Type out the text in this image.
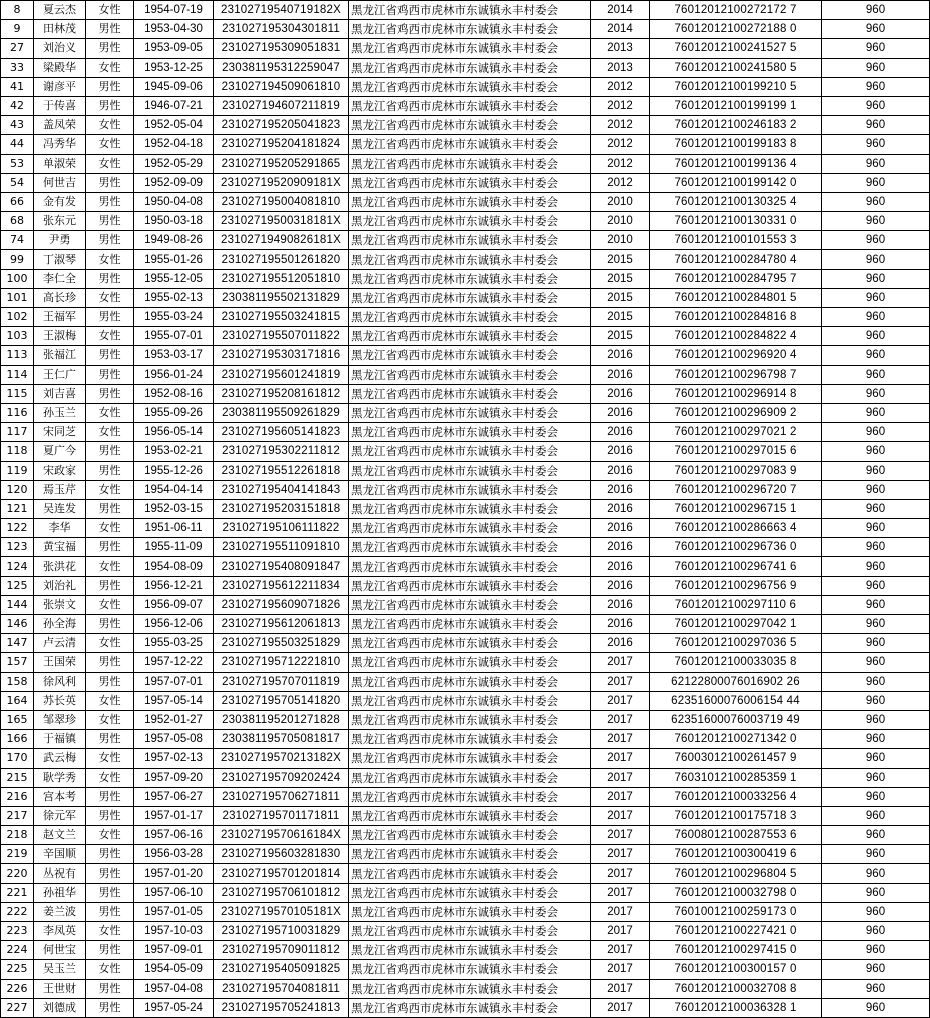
8	夏云杰	女性	1954-07-19	23102719540719182X	黑龙江省鸡西市虎林市东诚镇永丰村委会	2014	76012012100272172 7	960
9	田林茂	男性	1953-04-30	231027195304301811	黑龙江省鸡西市虎林市东诚镇永丰村委会	2014	76012012100272188 0	960
27	刘治义	男性	1953-09-05	231027195309051831	黑龙江省鸡西市虎林市东诚镇永丰村委会	2013	76012012100241527 5	960
33	梁殿华	女性	1953-12-25	230381195312259047	黑龙江省鸡西市虎林市东诚镇永丰村委会	2013	76012012100241580 5	960
41	谢彦平	男性	1945-09-06	231027194509061810	黑龙江省鸡西市虎林市东诚镇永丰村委会	2012	76012012100199210 5	960
42	于传喜	男性	1946-07-21	231027194607211819	黑龙江省鸡西市虎林市东诚镇永丰村委会	2012	76012012100199199 1	960
43	盖凤荣	女性	1952-05-04	231027195205041823	黑龙江省鸡西市虎林市东诚镇永丰村委会	2012	76012012100246183 2	960
44	冯秀华	女性	1952-04-18	231027195204181824	黑龙江省鸡西市虎林市东诚镇永丰村委会	2012	76012012100199183 8	960
53	单淑荣	女性	1952-05-29	231027195205291865	黑龙江省鸡西市虎林市东诚镇永丰村委会	2012	76012012100199136 4	960
54	何世吉	男性	1952-09-09	23102719520909181X	黑龙江省鸡西市虎林市东诚镇永丰村委会	2012	76012012100199142 0	960
66	金有发	男性	1950-04-08	231027195004081810	黑龙江省鸡西市虎林市东诚镇永丰村委会	2010	76012012100130325 4	960
68	张东元	男性	1950-03-18	23102719500318181X	黑龙江省鸡西市虎林市东诚镇永丰村委会	2010	76012012100130331 0	960
74	尹勇	男性	1949-08-26	23102719490826181X	黑龙江省鸡西市虎林市东诚镇永丰村委会	2010	76012012100101553 3	960
99	丁淑琴	女性	1955-01-26	231027195501261820	黑龙江省鸡西市虎林市东诚镇永丰村委会	2015	76012012100284780 4	960
100	李仁全	男性	1955-12-05	231027195512051810	黑龙江省鸡西市虎林市东诚镇永丰村委会	2015	76012012100284795 7	960
101	高长珍	女性	1955-02-13	230381195502131829	黑龙江省鸡西市虎林市东诚镇永丰村委会	2015	76012012100284801 5	960
102	王福军	男性	1955-03-24	231027195503241815	黑龙江省鸡西市虎林市东诚镇永丰村委会	2015	76012012100284816 8	960
103	王淑梅	女性	1955-07-01	231027195507011822	黑龙江省鸡西市虎林市东诚镇永丰村委会	2015	76012012100284822 4	960
113	张福江	男性	1953-03-17	231027195303171816	黑龙江省鸡西市虎林市东诚镇永丰村委会	2016	76012012100296920 4	960
114	王仁广	男性	1956-01-24	231027195601241819	黑龙江省鸡西市虎林市东诚镇永丰村委会	2016	76012012100296798 7	960
115	刘吉喜	男性	1952-08-16	231027195208161812	黑龙江省鸡西市虎林市东诚镇永丰村委会	2016	76012012100296914 8	960
116	孙玉兰	女性	1955-09-26	230381195509261829	黑龙江省鸡西市虎林市东诚镇永丰村委会	2016	76012012100296909 2	960
117	宋同芝	女性	1956-05-14	231027195605141823	黑龙江省鸡西市虎林市东诚镇永丰村委会	2016	76012012100297021 2	960
118	夏广今	男性	1953-02-21	231027195302211812	黑龙江省鸡西市虎林市东诚镇永丰村委会	2016	76012012100297015 6	960
119	宋政家	男性	1955-12-26	231027195512261818	黑龙江省鸡西市虎林市东诚镇永丰村委会	2016	76012012100297083 9	960
120	焉玉芹	女性	1954-04-14	231027195404141843	黑龙江省鸡西市虎林市东诚镇永丰村委会	2016	76012012100296720 7	960
121	吴连发	男性	1952-03-15	231027195203151818	黑龙江省鸡西市虎林市东诚镇永丰村委会	2016	76012012100296715 1	960
122	李华	女性	1951-06-11	231027195106111822	黑龙江省鸡西市虎林市东诚镇永丰村委会	2016	76012012100286663 4	960
123	黄宝福	男性	1955-11-09	231027195511091810	黑龙江省鸡西市虎林市东诚镇永丰村委会	2016	76012012100296736 0	960
124	张洪花	女性	1954-08-09	231027195408091847	黑龙江省鸡西市虎林市东诚镇永丰村委会	2016	76012012100296741 6	960
125	刘治礼	男性	1956-12-21	231027195612211834	黑龙江省鸡西市虎林市东诚镇永丰村委会	2016	76012012100296756 9	960
144	张崇文	女性	1956-09-07	231027195609071826	黑龙江省鸡西市虎林市东诚镇永丰村委会	2016	76012012100297110 6	960
146	孙全海	男性	1956-12-06	231027195612061813	黑龙江省鸡西市虎林市东诚镇永丰村委会	2016	76012012100297042 1	960
147	卢云清	女性	1955-03-25	231027195503251829	黑龙江省鸡西市虎林市东诚镇永丰村委会	2016	76012012100297036 5	960
157	王国荣	男性	1957-12-22	231027195712221810	黑龙江省鸡西市虎林市东诚镇永丰村委会	2017	76012012100033035 8	960
158	徐风利	男性	1957-07-01	231027195707011819	黑龙江省鸡西市虎林市东诚镇永丰村委会	2017	62122800076016902 26	960
164	苏长英	女性	1957-05-14	231027195705141820	黑龙江省鸡西市虎林市东诚镇永丰村委会	2017	62351600076006154 44	960
165	邹翠珍	女性	1952-01-27	230381195201271828	黑龙江省鸡西市虎林市东诚镇永丰村委会	2017	62351600076003719 49	960
166	于福镇	男性	1957-05-08	230381195705081817	黑龙江省鸡西市虎林市东诚镇永丰村委会	2017	76012012100271342 0	960
170	武云梅	女性	1957-02-13	23102719570213182X	黑龙江省鸡西市虎林市东诚镇永丰村委会	2017	76003012100261457 9	960
215	耿学秀	女性	1957-09-20	231027195709202424	黑龙江省鸡西市虎林市东诚镇永丰村委会	2017	76031012100285359 1	960
216	宫本考	男性	1957-06-27	231027195706271811	黑龙江省鸡西市虎林市东诚镇永丰村委会	2017	76012012100033256 4	960
217	徐元军	男性	1957-01-17	231027195701171811	黑龙江省鸡西市虎林市东诚镇永丰村委会	2017	76012012100175718 3	960
218	赵文兰	女性	1957-06-16	23102719570616184X	黑龙江省鸡西市虎林市东诚镇永丰村委会	2017	76008012100287553 6	960
219	辛国顺	男性	1956-03-28	231027195603281830	黑龙江省鸡西市虎林市东诚镇永丰村委会	2017	76012012100300419 6	960
220	丛祝有	男性	1957-01-20	231027195701201814	黑龙江省鸡西市虎林市东诚镇永丰村委会	2017	76012012100296804 5	960
221	孙祖华	男性	1957-06-10	231027195706101812	黑龙江省鸡西市虎林市东诚镇永丰村委会	2017	76012012100032798 0	960
222	姜兰波	男性	1957-01-05	23102719570105181X	黑龙江省鸡西市虎林市东诚镇永丰村委会	2017	76010012100259173 0	960
223	李凤英	女性	1957-10-03	231027195710031829	黑龙江省鸡西市虎林市东诚镇永丰村委会	2017	76012012100227421 0	960
224	何世宝	男性	1957-09-01	231027195709011812	黑龙江省鸡西市虎林市东诚镇永丰村委会	2017	76012012100297415 0	960
225	吴玉兰	女性	1954-05-09	231027195405091825	黑龙江省鸡西市虎林市东诚镇永丰村委会	2017	76012012100300157 0	960
226	王世财	男性	1957-04-08	231027195704081811	黑龙江省鸡西市虎林市东诚镇永丰村委会	2017	76012012100032708 8	960
227	刘德成	男性	1957-05-24	231027195705241813	黑龙江省鸡西市虎林市东诚镇永丰村委会	2017	76012012100036328 1	960
